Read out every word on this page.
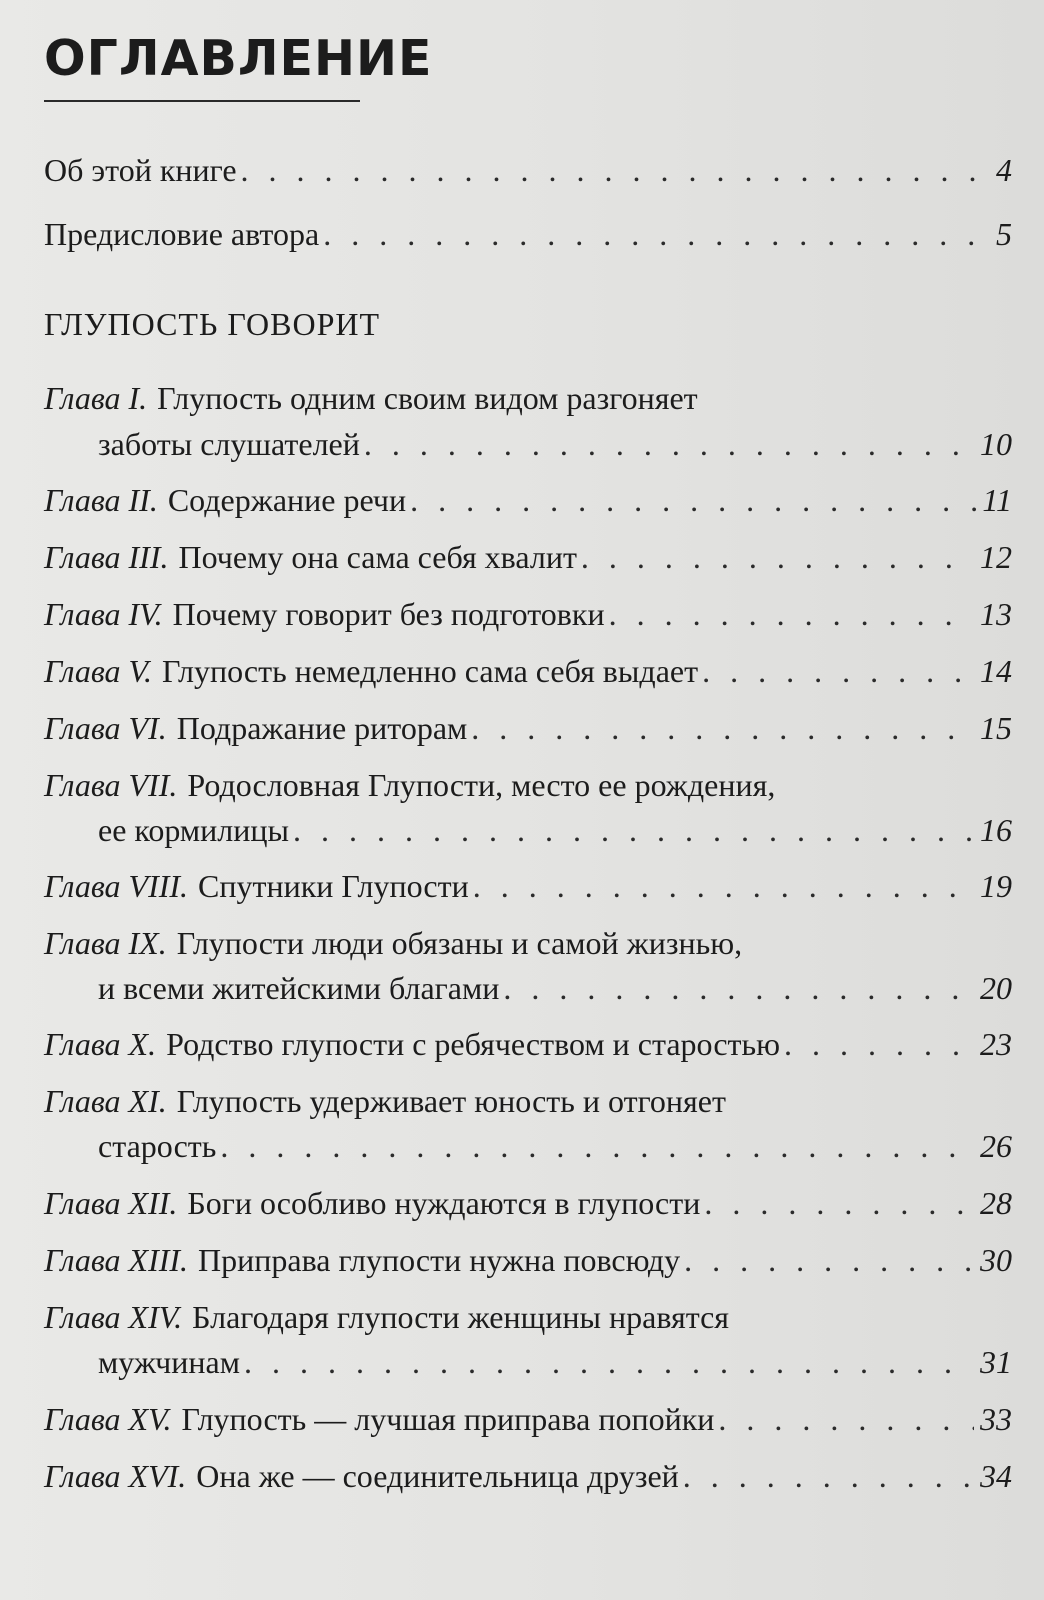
ОГЛАВЛЕНИЕ
Об этой книге . . .	4
Предисловие автора . . .	5
ГЛУПОСТЬ ГОВОРИТ
Глава I. Глупость одним своим видом разгоняет
заботы слушателей . . .	10
Глава II. Содержание речи . . .	11
Глава III. Почему она сама себя хвалит . . .	12
Глава IV. Почему говорит без подготовки . . .	13
Глава V. Глупость немедленно сама себя выдает . . .	14
Глава VI. Подражание риторам . . .	15
Глава VII. Родословная Глупости, место ее рождения,
ее кормилицы . . .	16
Глава VIII. Спутники Глупости . . .	19
Глава IX. Глупости люди обязаны и самой жизнью,
и всеми житейскими благами . . .	20
Глава X. Родство глупости с ребячеством и старостью . . .	23
Глава XI. Глупость удерживает юность и отгоняет
старость . . .	26
Глава XII. Боги особливо нуждаются в глупости . . .	28
Глава XIII. Приправа глупости нужна повсюду . . .	30
Глава XIV. Благодаря глупости женщины нравятся
мужчинам . . .	31
Глава XV. Глупость — лучшая приправа попойки . . .	33
Глава XVI. Она же — соединительница друзей . . .	34
